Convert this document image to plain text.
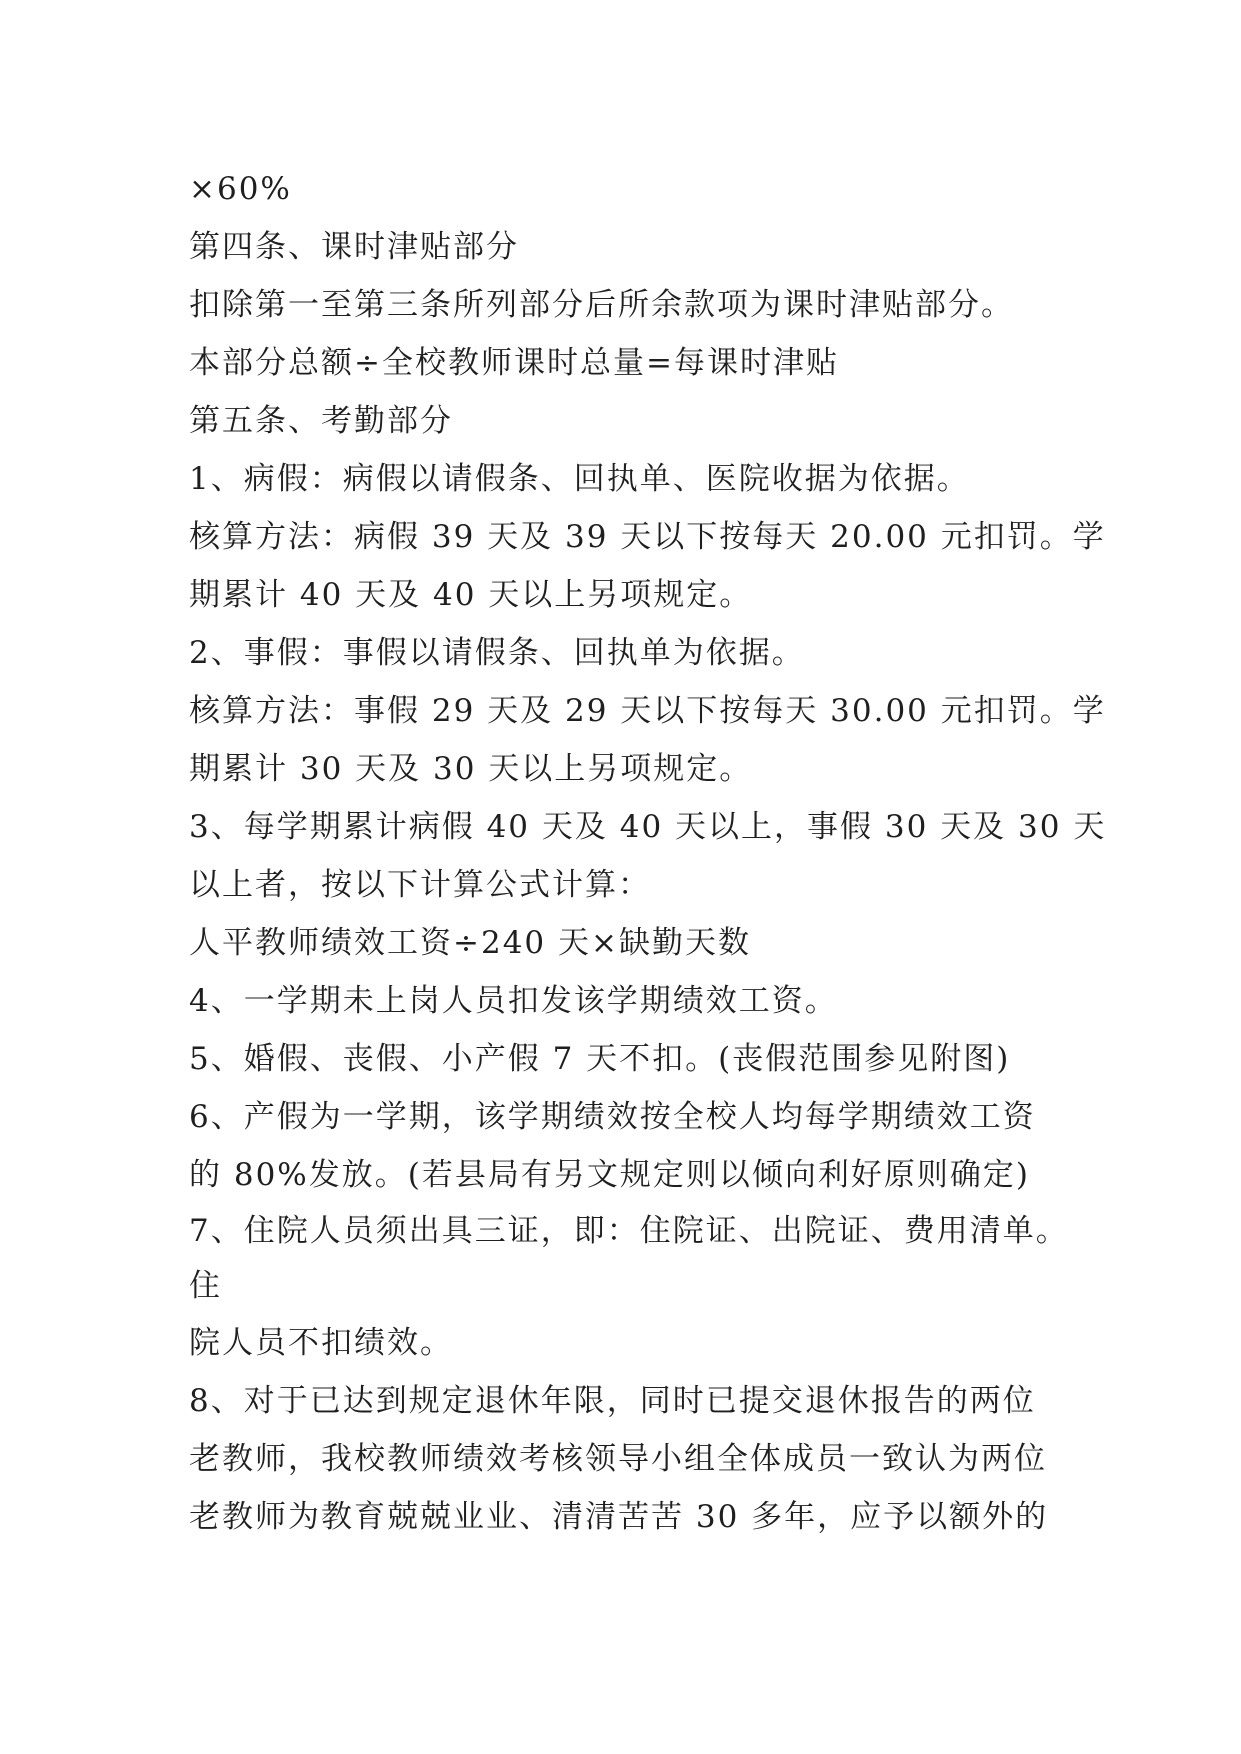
×60%
第四条、课时津贴部分
扣除第一至第三条所列部分后所余款项为课时津贴部分。
本部分总额÷全校教师课时总量=每课时津贴
第五条、考勤部分
1、病假：病假以请假条、回执单、医院收据为依据。
核算方法：病假 39 天及 39 天以下按每天 20.00 元扣罚。学
期累计 40 天及 40 天以上另项规定。
2、事假：事假以请假条、回执单为依据。
核算方法：事假 29 天及 29 天以下按每天 30.00 元扣罚。学
期累计 30 天及 30 天以上另项规定。
3、每学期累计病假 40 天及 40 天以上，事假 30 天及 30 天
以上者，按以下计算公式计算：
人平教师绩效工资÷240 天×缺勤天数
4、一学期未上岗人员扣发该学期绩效工资。
5、婚假、丧假、小产假 7 天不扣。(丧假范围参见附图)
6、产假为一学期，该学期绩效按全校人均每学期绩效工资
的 80%发放。(若县局有另文规定则以倾向利好原则确定)
7、住院人员须出具三证，即：住院证、出院证、费用清单。
住
院人员不扣绩效。
8、对于已达到规定退休年限，同时已提交退休报告的两位
老教师，我校教师绩效考核领导小组全体成员一致认为两位
老教师为教育兢兢业业、清清苦苦 30 多年，应予以额外的
